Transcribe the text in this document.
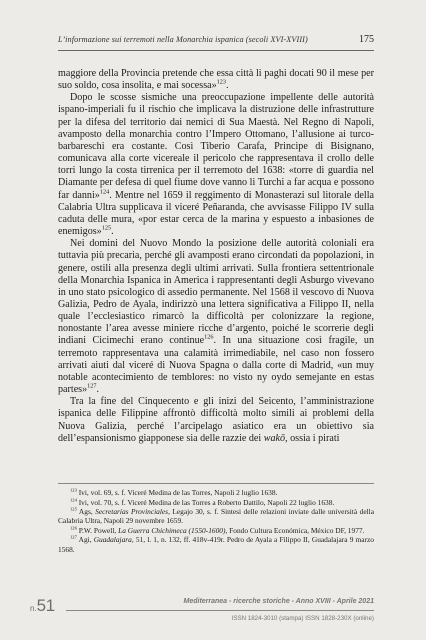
L’informazione sui terremoti nella Monarchia ispanica (secoli XVI-XVIII)	175

maggiore della Provincia pretende che essa città li paghi docati 90 il mese per suo soldo, cosa insolita, e mai socessa»$^{123}$.

Dopo le scosse sismiche una preoccupazione impellente delle autorità ispano-imperiali fu il rischio che implicava la distruzione delle infrastrutture per la difesa del territorio dai nemici di Sua Maestà. Nel Regno di Napoli, avamposto della monarchia contro l’Impero Ottomano, l’allusione ai turco-barbareschi era costante. Così Tiberio Carafa, Principe di Bisignano, comunicava alla corte vicereale il pericolo che rappresentava il crollo delle torri lungo la costa tirrenica per il terremoto del 1638: «torre di guardia nel Diamante per defesa di quel fiume dove vanno li Turchi a far acqua e possono far danni»$^{124}$. Mentre nel 1659 il reggimento di Monasterazi sul litorale della Calabria Ultra supplicava il viceré Peñaranda, che avvisasse Filippo IV sulla caduta delle mura, «por estar cerca de la marina y espuesto a inbasiones de enemigos»$^{125}$.

Nei domini del Nuovo Mondo la posizione delle autorità coloniali era tuttavia più precaria, perché gli avamposti erano circondati da popolazioni, in genere, ostili alla presenza degli ultimi arrivati. Sulla frontiera settentrionale della Monarchia Ispanica in America i rappresentanti degli Asburgo vivevano in uno stato psicologico di assedio permanente. Nel 1568 il vescovo di Nuova Galizia, Pedro de Ayala, indirizzò una lettera significativa a Filippo II, nella quale l’ecclesiastico rimarcò la difficoltà per colonizzare la regione, nonostante l’area avesse miniere ricche d’argento, poiché le scorrerie degli indiani Cicimechi erano continue$^{126}$. In una situazione così fragile, un terremoto rappresentava una calamità irrimediabile, nel caso non fossero arrivati aiuti dal viceré di Nuova Spagna o dalla corte di Madrid, «un muy notable acontecimiento de temblores: no visto ny oydo semejante en estas partes»$^{127}$.

Tra la fine del Cinquecento e gli inizi del Seicento, l’amministrazione ispanica delle Filippine affrontò difficoltà molto simili ai problemi della Nuova Galizia, perché l’arcipelago asiatico era un obiettivo sia dell’espansionismo giapponese sia delle razzie dei wakō, ossia i pirati

$^{123}$ Ivi, vol. 69, s. f. Viceré Medina de las Torres, Napoli 2 luglio 1638.

$^{124}$ Ivi, vol. 70, s. f. Viceré Medina de las Torres a Roberto Dattilo, Napoli 22 luglio 1638.

$^{125}$ Ags, Secretarías Provinciales, Legajo 30, s. f. Sintesi delle relazioni inviate dalle università della Calabria Ultra, Napoli 29 novembre 1659.

$^{126}$ P.W. Powell, La Guerra Chichimeca (1550-1600), Fondo Cultura Económica, México DF, 1977.

$^{127}$ Agi, Guadalajara, 51, l. 1, n. 132, ff. 418v-419r. Pedro de Ayala a Filippo II, Guadalajara 9 marzo 1568.

n.51	Mediterranea - ricerche storiche - Anno XVIII - Aprile 2021
ISSN 1824-3010 (stampa) ISSN 1828-230X (online)
